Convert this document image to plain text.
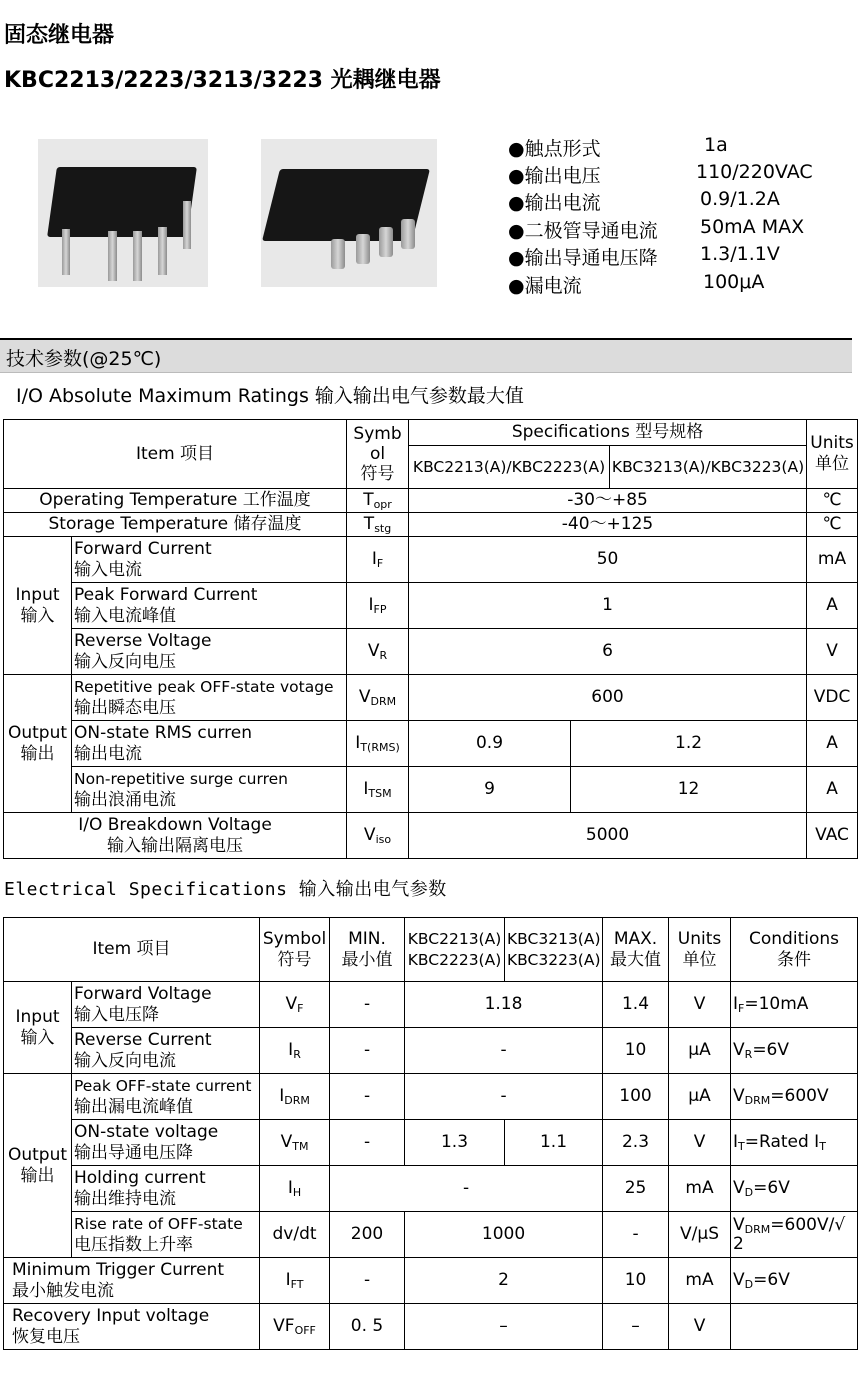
固态继电器
KBC2213/2223/3213/3223 光耦继电器
●触点形式	1a
●输出电压	110/220VAC
●输出电流	0.9/1.2A
●二极管导通电流 50mA MAX
●输出导通电压降 1.3/1.1V
●漏电流	100μA
技术参数(@25℃)
I/O Absolute Maximum Ratings 输入输出电气参数最大值
Item 项目		Symb
ol
符号	Specifications 型号规格		Units
单位

			KBC2213(A)/KBC2223(A) KBC3213(A)/KBC3223(A)		

Operating Temperature 工作温度		$T_{opr}$	-30～+85		℃
Storage Temperature 储存温度		$T_{stg}$	-40～+125		℃

Input
输入	Forward Current
输入电流	$I_F$	50		mA

	Peak Forward Current
输入电流峰值	$I_{FP}$	1		A

	Reverse Voltage
输入反向电压	$V_R$	6		V

Output
输出	Repetitive peak OFF-state votage
输出瞬态电压	$V_{DRM}$	600		VDC

	ON-state RMS curren
输出电流	$I_{T(RMS)}$	0.9	1.2	A

	Non-repetitive surge curren
输出浪涌电流	$I_{TSM}$	9	12	A

I/O Breakdown Voltage
输入输出隔离电压		$V_{iso}$	5000		VAC
Electrical Specifications 输入输出电气参数
Item 项目		Symbol
符号	MIN.
最小值	KBC2213(A)
KBC2223(A)	KBC3213(A)
KBC3223(A)	MAX.
最大值	Units
单位	Conditions
条件

Input
输入	Forward Voltage
输入电压降	$V_F$	-	1.18		1.4	V	$I_F=10mA$

	Reverse Current
输入反向电流	$I_R$	-	-		10	μA	$V_R=6V$

Output
输出	Peak OFF-state current
输出漏电流峰值	$I_{DRM}$	-	-		100	μA	$V_{DRM}=600V$

	ON-state voltage
输出导通电压降	$V_{TM}$	-	1.3	1.1	2.3	V	$I_T=Rated$ $I_T$

	Holding current
输出维持电流	$I_H$	-			25	mA	$V_D=6V$

	Rise rate of OFF-state
电压指数上升率	dv/dt	200	1000		-	V/μS	$V_{DRM}=600V/√$
2

Minimum Trigger Current
最小触发电流		$I_{FT}$	-	2		10	mA	$V_D=6V$

Recovery Input voltage
恢复电压		$VF_{OFF}$	0. 5	–		–	V	
